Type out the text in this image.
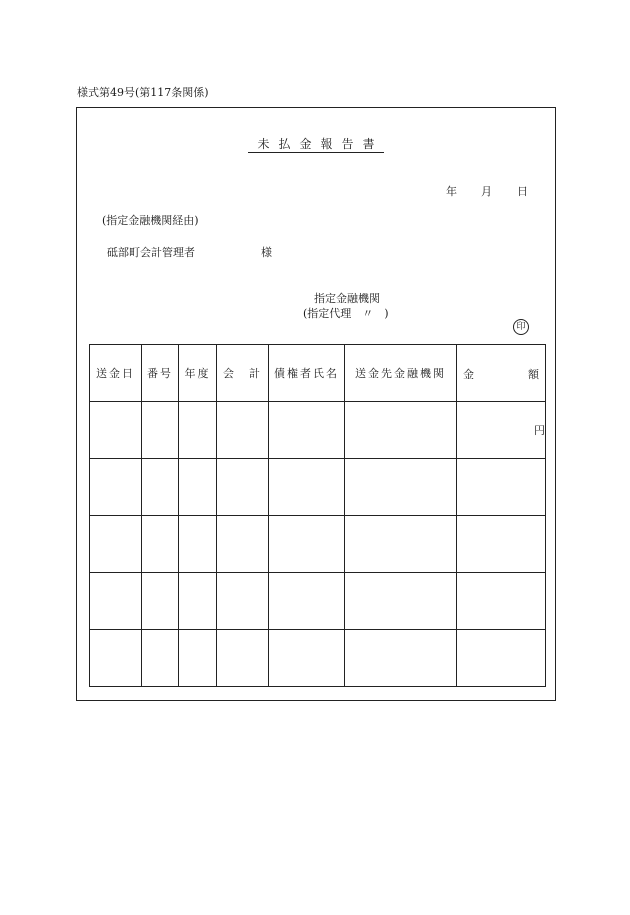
様式第49号(第117条関係)
未払金報告書
年 月 日
(指定金融機関経由)
砥部町会計管理者	様
指定金融機関
(指定代理　〃　)
印
送金日	番号	年度	会　計	債権者氏名	送金先金融機関	金 額

						円
